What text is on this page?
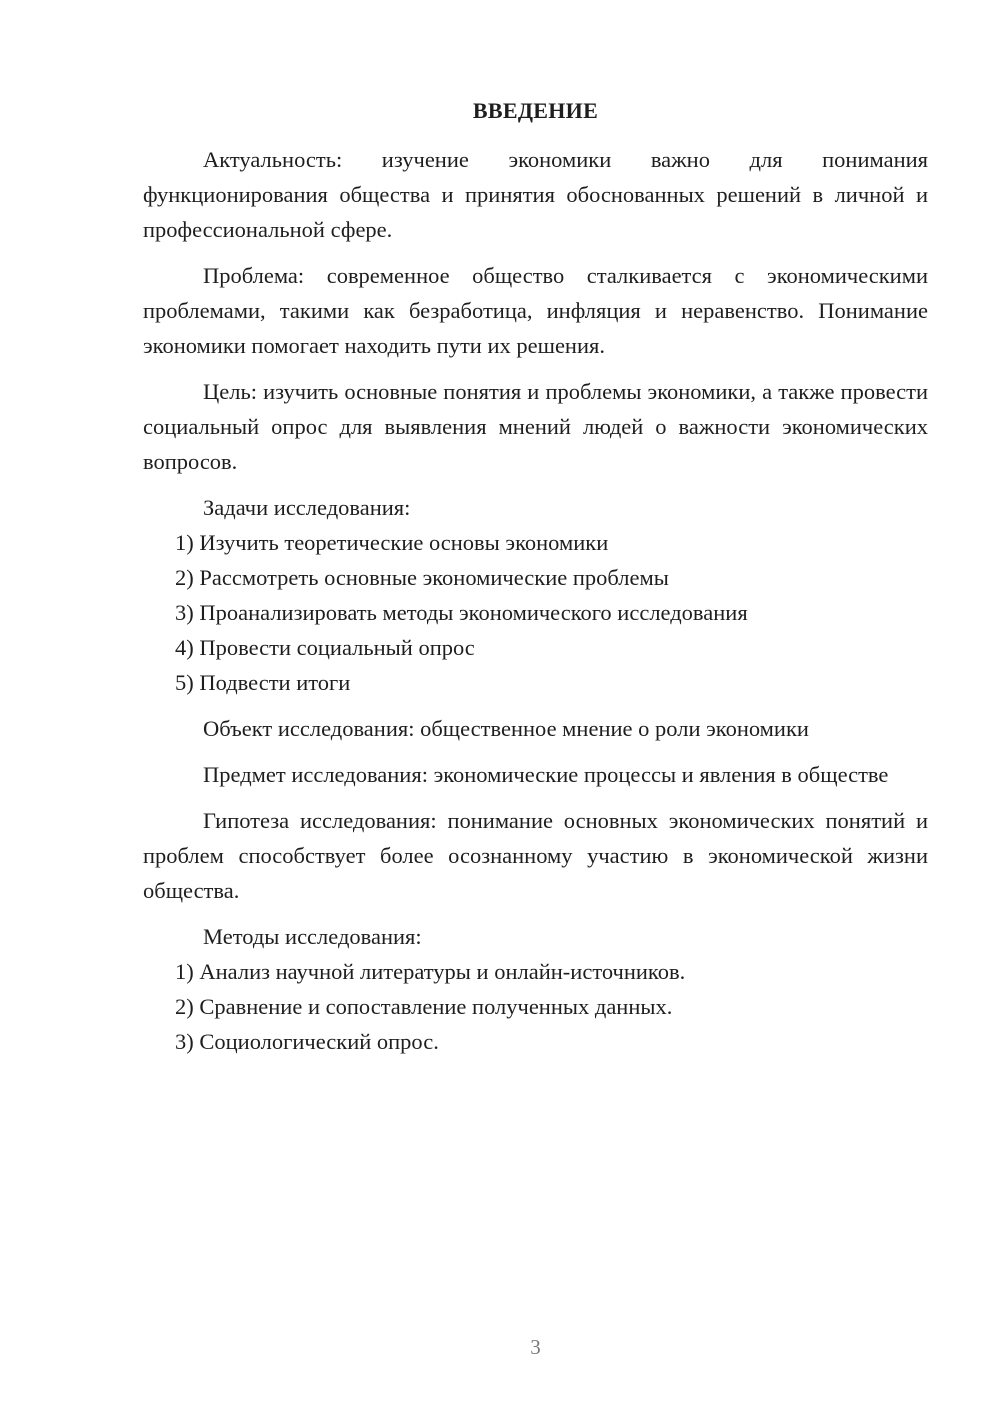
ВВЕДЕНИЕ

Актуальность: изучение экономики важно для понимания функционирования общества и принятия обоснованных решений в личной и профессиональной сфере.

Проблема: современное общество сталкивается с экономическими проблемами, такими как безработица, инфляция и неравенство. Понимание экономики помогает находить пути их решения.

Цель: изучить основные понятия и проблемы экономики, а также провести социальный опрос для выявления мнений людей о важности экономических вопросов.

Задачи исследования:

1) Изучить теоретические основы экономики

2) Рассмотреть основные экономические проблемы

3) Проанализировать методы экономического исследования

4) Провести социальный опрос

5) Подвести итоги

Объект исследования: общественное мнение о роли экономики

Предмет исследования: экономические процессы и явления в обществе

Гипотеза исследования: понимание основных экономических понятий и проблем способствует более осознанному участию в экономической жизни общества.

Методы исследования:

1) Анализ научной литературы и онлайн-источников.

2) Сравнение и сопоставление полученных данных.

3) Социологический опрос.

3
